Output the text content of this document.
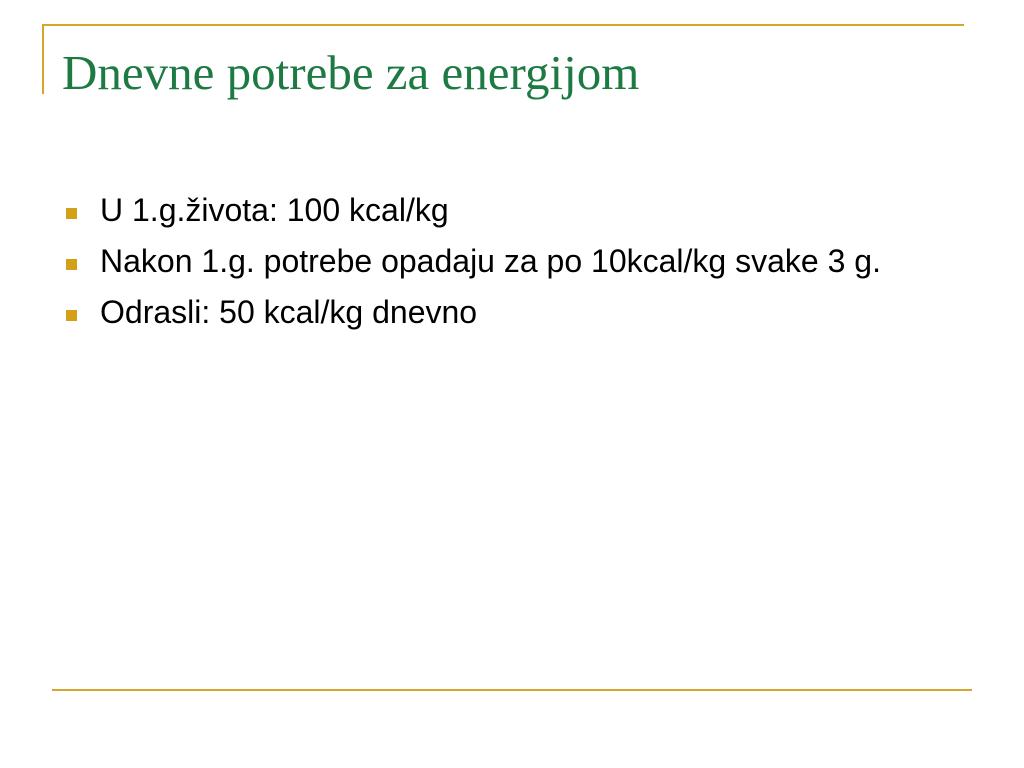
Dnevne potrebe za energijom
U 1.g.života: 100 kcal/kg
Nakon 1.g. potrebe opadaju za po 10kcal/kg svake 3 g.
Odrasli: 50 kcal/kg dnevno
